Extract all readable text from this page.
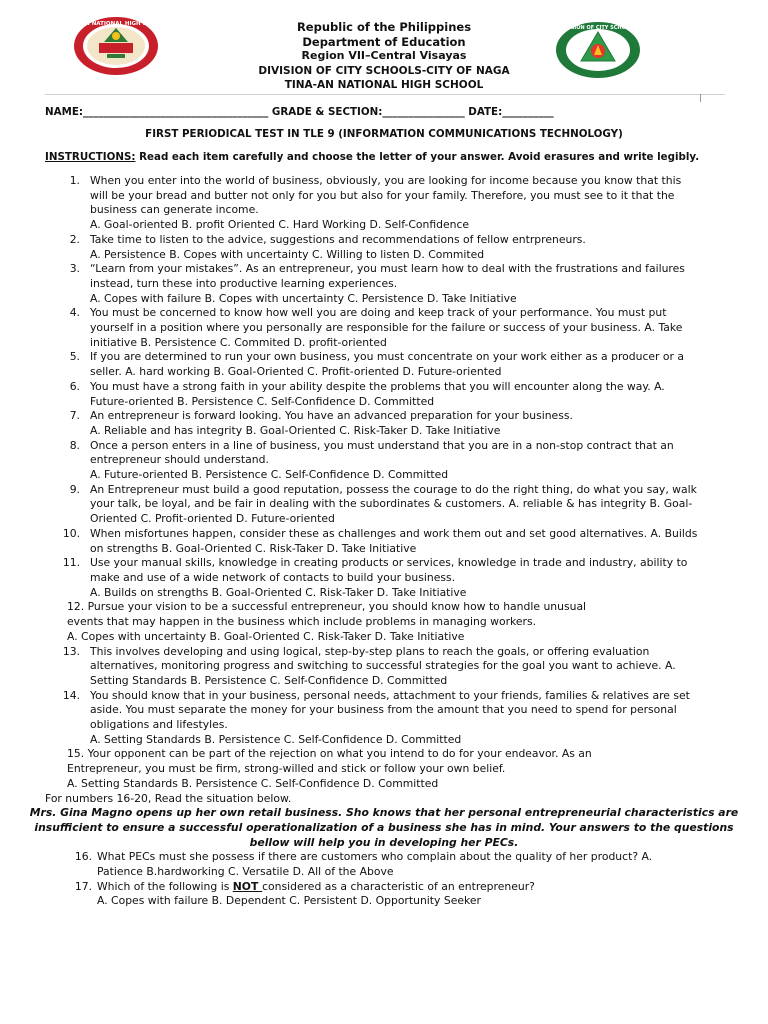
Republic of the Philippines
Department of Education
Region VII–Central Visayas
DIVISION OF CITY SCHOOLS-CITY OF NAGA
TINA-AN NATIONAL HIGH SCHOOL
TINA-AN NATIONAL HIGH SCHOOL
DIVISION OF CITY SCHOOLS
NAME:____________________________________ GRADE & SECTION:________________ DATE:__________
FIRST PERIODICAL TEST IN TLE 9 (INFORMATION COMMUNICATIONS TECHNOLOGY)
INSTRUCTIONS: Read each item carefully and choose the letter of your answer. Avoid erasures and write legibly.
1. When you enter into the world of business, obviously, you are looking for income because you know that this
will be your bread and butter not only for you but also for your family. Therefore, you must see to it that the
business can generate income.
A. Goal-oriented B. profit Oriented C. Hard Working D. Self-Confidence
2. Take time to listen to the advice, suggestions and recommendations of fellow entrpreneurs.
A. Persistence B. Copes with uncertainty C. Willing to listen D. Commited
3. “Learn from your mistakes”. As an entrepreneur, you must learn how to deal with the frustrations and failures
instead, turn these into productive learning experiences.
A. Copes with failure B. Copes with uncertainty C. Persistence D. Take Initiative
4. You must be concerned to know how well you are doing and keep track of your performance. You must put
yourself in a position where you personally are responsible for the failure or success of your business. A. Take
initiative B. Persistence C. Commited D. profit-oriented
5. If you are determined to run your own business, you must concentrate on your work either as a producer or a
seller. A. hard working B. Goal-Oriented C. Profit-oriented D. Future-oriented
6. You must have a strong faith in your ability despite the problems that you will encounter along the way. A.
Future-oriented B. Persistence C. Self-Confidence D. Committed
7. An entrepreneur is forward looking. You have an advanced preparation for your business.
A. Reliable and has integrity B. Goal-Oriented C. Risk-Taker D. Take Initiative
8. Once a person enters in a line of business, you must understand that you are in a non-stop contract that an
entrepreneur should understand.
A. Future-oriented B. Persistence C. Self-Confidence D. Committed
9. An Entrepreneur must build a good reputation, possess the courage to do the right thing, do what you say, walk
your talk, be loyal, and be fair in dealing with the subordinates & customers. A. reliable & has integrity B. Goal-
Oriented C. Profit-oriented D. Future-oriented
10. When misfortunes happen, consider these as challenges and work them out and set good alternatives. A. Builds
on strengths B. Goal-Oriented C. Risk-Taker D. Take Initiative
11. Use your manual skills, knowledge in creating products or services, knowledge in trade and industry, ability to
make and use of a wide network of contacts to build your business.
A. Builds on strengths B. Goal-Oriented C. Risk-Taker D. Take Initiative
12. Pursue your vision to be a successful entrepreneur, you should know how to handle unusual
events that may happen in the business which include problems in managing workers.
A. Copes with uncertainty B. Goal-Oriented C. Risk-Taker D. Take Initiative
13. This involves developing and using logical, step-by-step plans to reach the goals, or offering evaluation
alternatives, monitoring progress and switching to successful strategies for the goal you want to achieve. A.
Setting Standards B. Persistence C. Self-Confidence D. Committed
14. You should know that in your business, personal needs, attachment to your friends, families & relatives are set
aside. You must separate the money for your business from the amount that you need to spend for personal
obligations and lifestyles.
A. Setting Standards B. Persistence C. Self-Confidence D. Committed
15. Your opponent can be part of the rejection on what you intend to do for your endeavor. As an
Entrepreneur, you must be firm, strong-willed and stick or follow your own belief.
A. Setting Standards B. Persistence C. Self-Confidence D. Committed
For numbers 16-20, Read the situation below.
Mrs. Gina Magno opens up her own retail business. Sho knows that her personal entrepreneurial characteristics are
insufficient to ensure a successful operationalization of a business she has in mind. Your answers to the questions
bellow will help you in developing her PECs.
16. What PECs must she possess if there are customers who complain about the quality of her product? A.
Patience B.hardworking C. Versatile D. All of the Above
17. Which of the following is NOT considered as a characteristic of an entrepreneur?
A. Copes with failure B. Dependent C. Persistent D. Opportunity Seeker
